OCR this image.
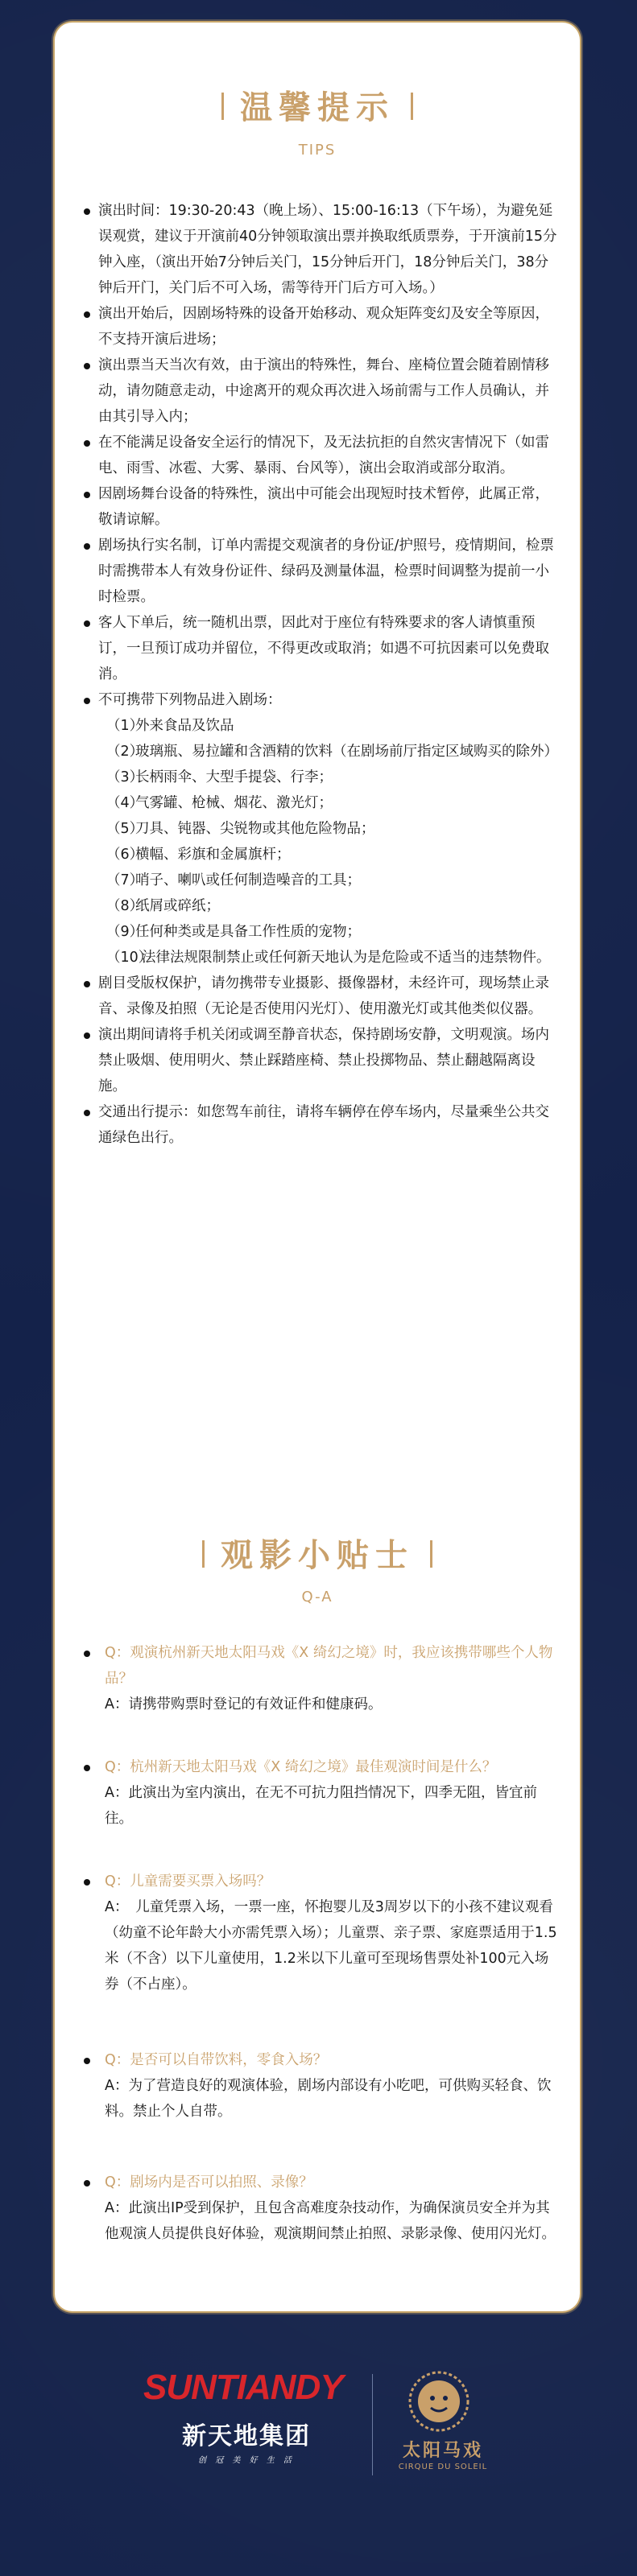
温馨提示
TIPS
演出时间：19:30-20:43（晚上场）、15:00-16:13（下午场），为避免延误观赏，建议于开演前40分钟领取演出票并换取纸质票券，于开演前15分钟入座，（演出开始7分钟后关门，15分钟后开门，18分钟后关门，38分钟后开门，关门后不可入场，需等待开门后方可入场。）
演出开始后，因剧场特殊的设备开始移动、观众矩阵变幻及安全等原因，不支持开演后进场；
演出票当天当次有效，由于演出的特殊性，舞台、座椅位置会随着剧情移动，请勿随意走动，中途离开的观众再次进入场前需与工作人员确认，并由其引导入内；
在不能满足设备安全运行的情况下，及无法抗拒的自然灾害情况下（如雷电、雨雪、冰雹、大雾、暴雨、台风等），演出会取消或部分取消。
因剧场舞台设备的特殊性，演出中可能会出现短时技术暂停，此属正常，敬请谅解。
剧场执行实名制，订单内需提交观演者的身份证/护照号，疫情期间，检票时需携带本人有效身份证件、绿码及测量体温，检票时间调整为提前一小时检票。
客人下单后，统一随机出票，因此对于座位有特殊要求的客人请慎重预订，一旦预订成功并留位，不得更改或取消；如遇不可抗因素可以免费取消。
不可携带下列物品进入剧场：
（1）
外来食品及饮品
（2）
玻璃瓶、易拉罐和含酒精的饮料（在剧场前厅指定区域购买的除外）
（3）
长柄雨伞、大型手提袋、行李；
（4）
气雾罐、枪械、烟花、激光灯；
（5）
刀具、钝器、尖锐物或其他危险物品；
（6）
横幅、彩旗和金属旗杆；
（7）
哨子、喇叭或任何制造噪音的工具；
（8）
纸屑或碎纸；
（9）
任何种类或是具备工作性质的宠物；
（10）
法律法规限制禁止或任何新天地认为是危险或不适当的违禁物件。
剧目受版权保护，请勿携带专业摄影、摄像器材，未经许可，现场禁止录音、录像及拍照（无论是否使用闪光灯）、使用激光灯或其他类似仪器。
演出期间请将手机关闭或调至静音状态，保持剧场安静，文明观演。场内禁止吸烟、使用明火、禁止踩踏座椅、禁止投掷物品、禁止翻越隔离设施。
交通出行提示：如您驾车前往，请将车辆停在停车场内，尽量乘坐公共交通绿色出行。
观影小贴士
Q-A
Q：观演杭州新天地太阳马戏《X 绮幻之境》时，我应该携带哪些个人物品？
A：请携带购票时登记的有效证件和健康码。
Q：杭州新天地太阳马戏《X 绮幻之境》最佳观演时间是什么？
A：此演出为室内演出，在无不可抗力阻挡情况下，四季无阻，皆宜前往。
Q：儿童需要买票入场吗？
A：　儿童凭票入场，一票一座，怀抱婴儿及3周岁以下的小孩不建议观看（幼童不论年龄大小亦需凭票入场）；儿童票、亲子票、家庭票适用于1.5米（不含）以下儿童使用，1.2米以下儿童可至现场售票处补100元入场券（不占座）。
Q：是否可以自带饮料，零食入场？
A：为了营造良好的观演体验，剧场内部设有小吃吧，可供购买轻食、饮料。禁止个人自带。
Q：剧场内是否可以拍照、录像？
A：此演出IP受到保护，且包含高难度杂技动作，为确保演员安全并为其他观演人员提供良好体验，观演期间禁止拍照、录影录像、使用闪光灯。
SUNTIANDY
新天地集团
创 冠 美 好 生 活	太阳马戏
CIRQUE DU SOLEIL
